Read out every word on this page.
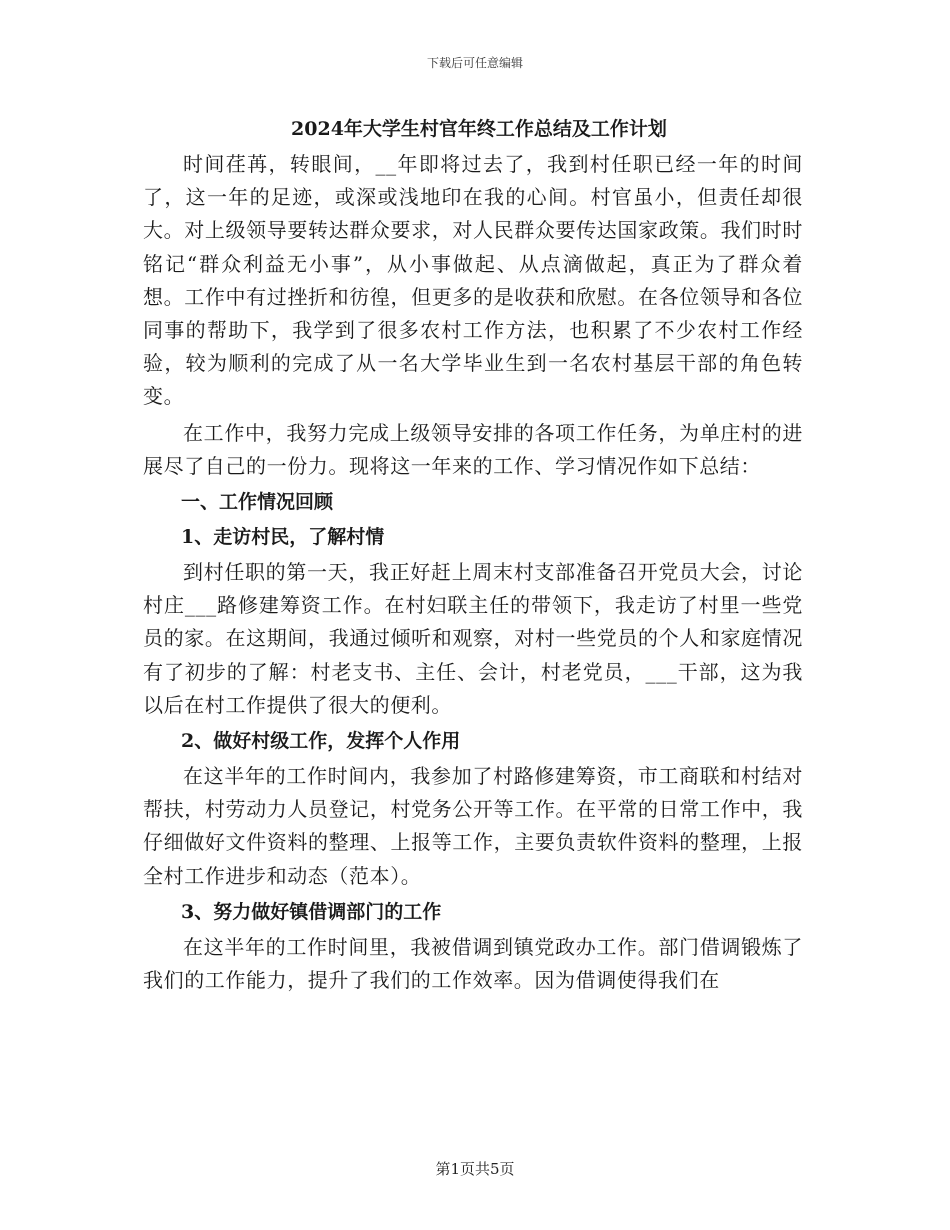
下载后可任意编辑
2024年大学生村官年终工作总结及工作计划

时间荏苒，转眼间，__年即将过去了，我到村任职已经一年的时间了，这一年的足迹，或深或浅地印在我的心间。村官虽小，但责任却很大。对上级领导要转达群众要求，对人民群众要传达国家政策。我们时时铭记“群众利益无小事”，从小事做起、从点滴做起，真正为了群众着想。工作中有过挫折和彷徨，但更多的是收获和欣慰。在各位领导和各位同事的帮助下，我学到了很多农村工作方法，也积累了不少农村工作经验，较为顺利的完成了从一名大学毕业生到一名农村基层干部的角色转变。

在工作中，我努力完成上级领导安排的各项工作任务，为单庄村的进展尽了自己的一份力。现将这一年来的工作、学习情况作如下总结：

一、工作情况回顾
1、走访村民，了解村情

到村任职的第一天，我正好赶上周末村支部准备召开党员大会，讨论村庄___路修建筹资工作。在村妇联主任的带领下，我走访了村里一些党员的家。在这期间，我通过倾听和观察，对村一些党员的个人和家庭情况有了初步的了解：村老支书、主任、会计，村老党员，___干部，这为我以后在村工作提供了很大的便利。

2、做好村级工作，发挥个人作用

在这半年的工作时间内，我参加了村路修建筹资，市工商联和村结对帮扶，村劳动力人员登记，村党务公开等工作。在平常的日常工作中，我仔细做好文件资料的整理、上报等工作，主要负责软件资料的整理，上报全村工作进步和动态（范本）。

3、努力做好镇借调部门的工作

在这半年的工作时间里，我被借调到镇党政办工作。部门借调锻炼了我们的工作能力，提升了我们的工作效率。因为借调使得我们在

第1页共5页
